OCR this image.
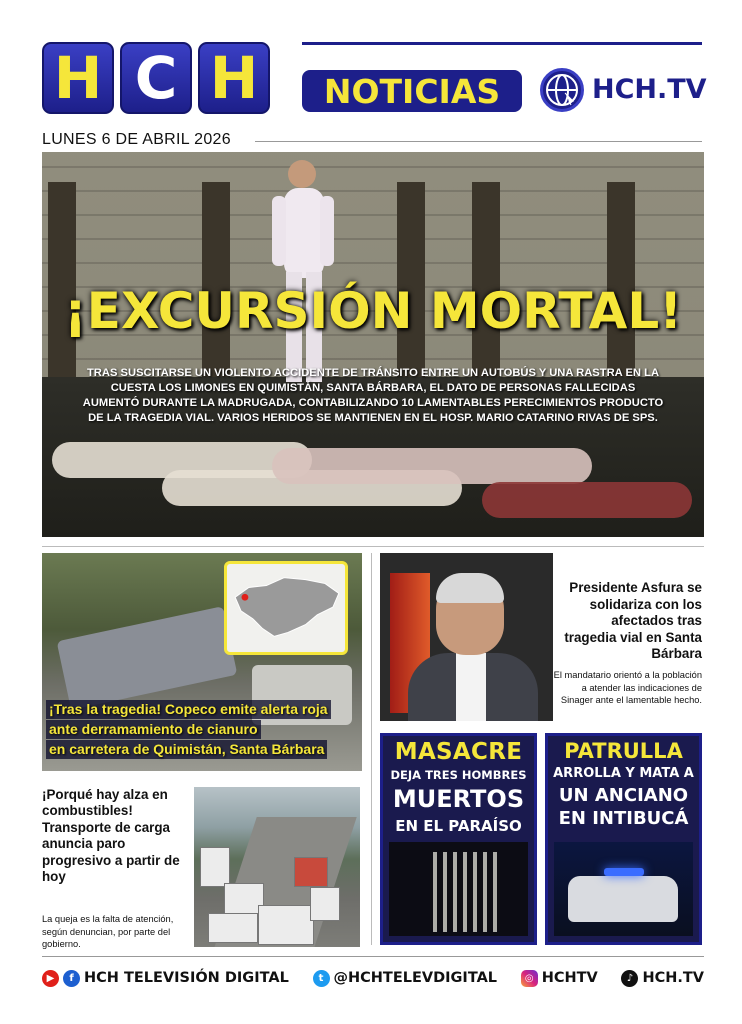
H C H	NOTICIAS	HCH.TV
LUNES 6 DE ABRIL 2026
¡EXCURSIÓN MORTAL!
TRAS SUSCITARSE UN VIOLENTO ACCIDENTE DE TRÁNSITO ENTRE UN AUTOBÚS Y UNA RASTRA EN LA CUESTA LOS LIMONES EN QUIMISTÁN, SANTA BÁRBARA, EL DATO DE PERSONAS FALLECIDAS AUMENTÓ DURANTE LA MADRUGADA, CONTABILIZANDO 10 LAMENTABLES PERECIMIENTOS PRODUCTO DE LA TRAGEDIA VIAL. VARIOS HERIDOS SE MANTIENEN EN EL HOSP. MARIO CATARINO RIVAS DE SPS.
¡Tras la tragedia! Copeco emite alerta roja
ante derramamiento de cianuro
en carretera de Quimistán, Santa Bárbara
Presidente Asfura se solidariza con los afectados tras tragedia vial en Santa Bárbara
El mandatario orientó a la población a atender las indicaciones de Sinager ante el lamentable hecho.
¡Porqué hay alza en combustibles! Transporte de carga anuncia paro progresivo a partir de hoy
La queja es la falta de atención, según denuncian, por parte del gobierno.
MASACRE
DEJA TRES HOMBRES
MUERTOS
EN EL PARAÍSO
PATRULLA
ARROLLA Y MATA A
UN ANCIANO
EN INTIBUCÁ
▶	f HCH TELEVISIÓN DIGITAL	t @HCHTELEVDIGITAL	◎ HCHTV	♪ HCH.TV
